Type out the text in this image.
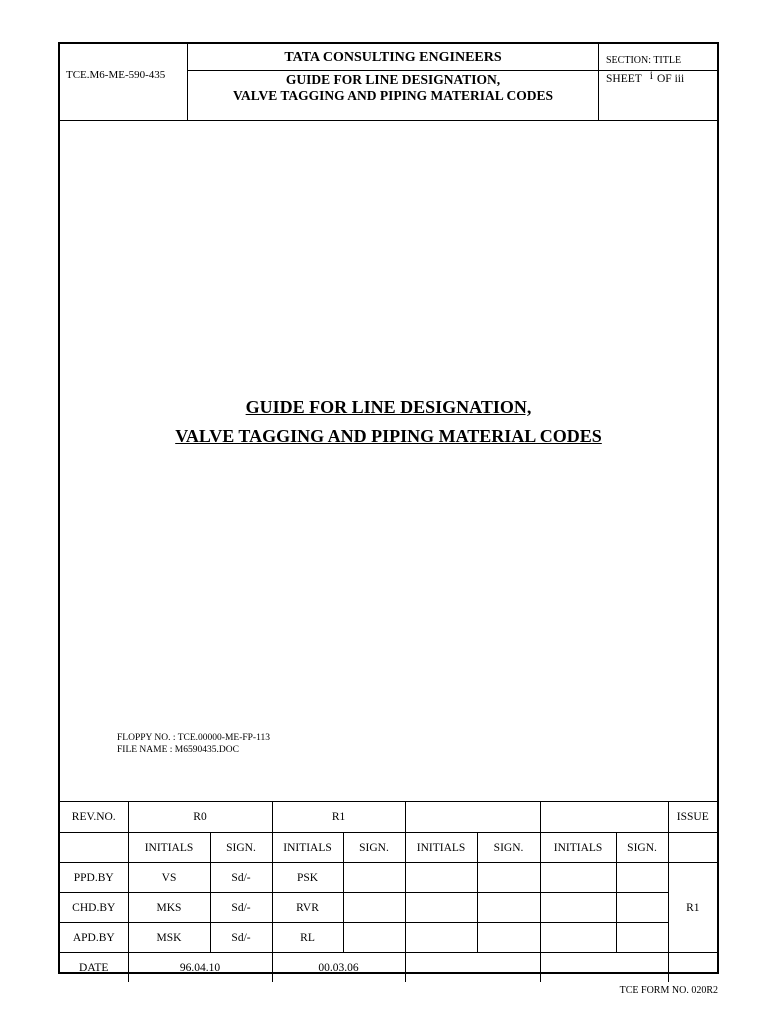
TCE.M6-ME-590-435
TATA CONSULTING ENGINEERS
GUIDE FOR LINE DESIGNATION,
VALVE TAGGING AND PIPING MATERIAL CODES
SECTION: TITLE
SHEET i OF iii
GUIDE FOR LINE DESIGNATION,
VALVE TAGGING AND PIPING MATERIAL CODES
FLOPPY NO. : TCE.00000-ME-FP-113
FILE NAME : M6590435.DOC
REV.NO.	R0		R1						ISSUE
	INITIALS	SIGN.	INITIALS	SIGN.	INITIALS	SIGN.	INITIALS	SIGN.	
PPD.BY	VS	Sd/-	PSK						R1
CHD.BY	MKS	Sd/-	RVR						
APD.BY	MSK	Sd/-	RL						
DATE	96.04.10		00.03.06						
TCE FORM NO. 020R2
